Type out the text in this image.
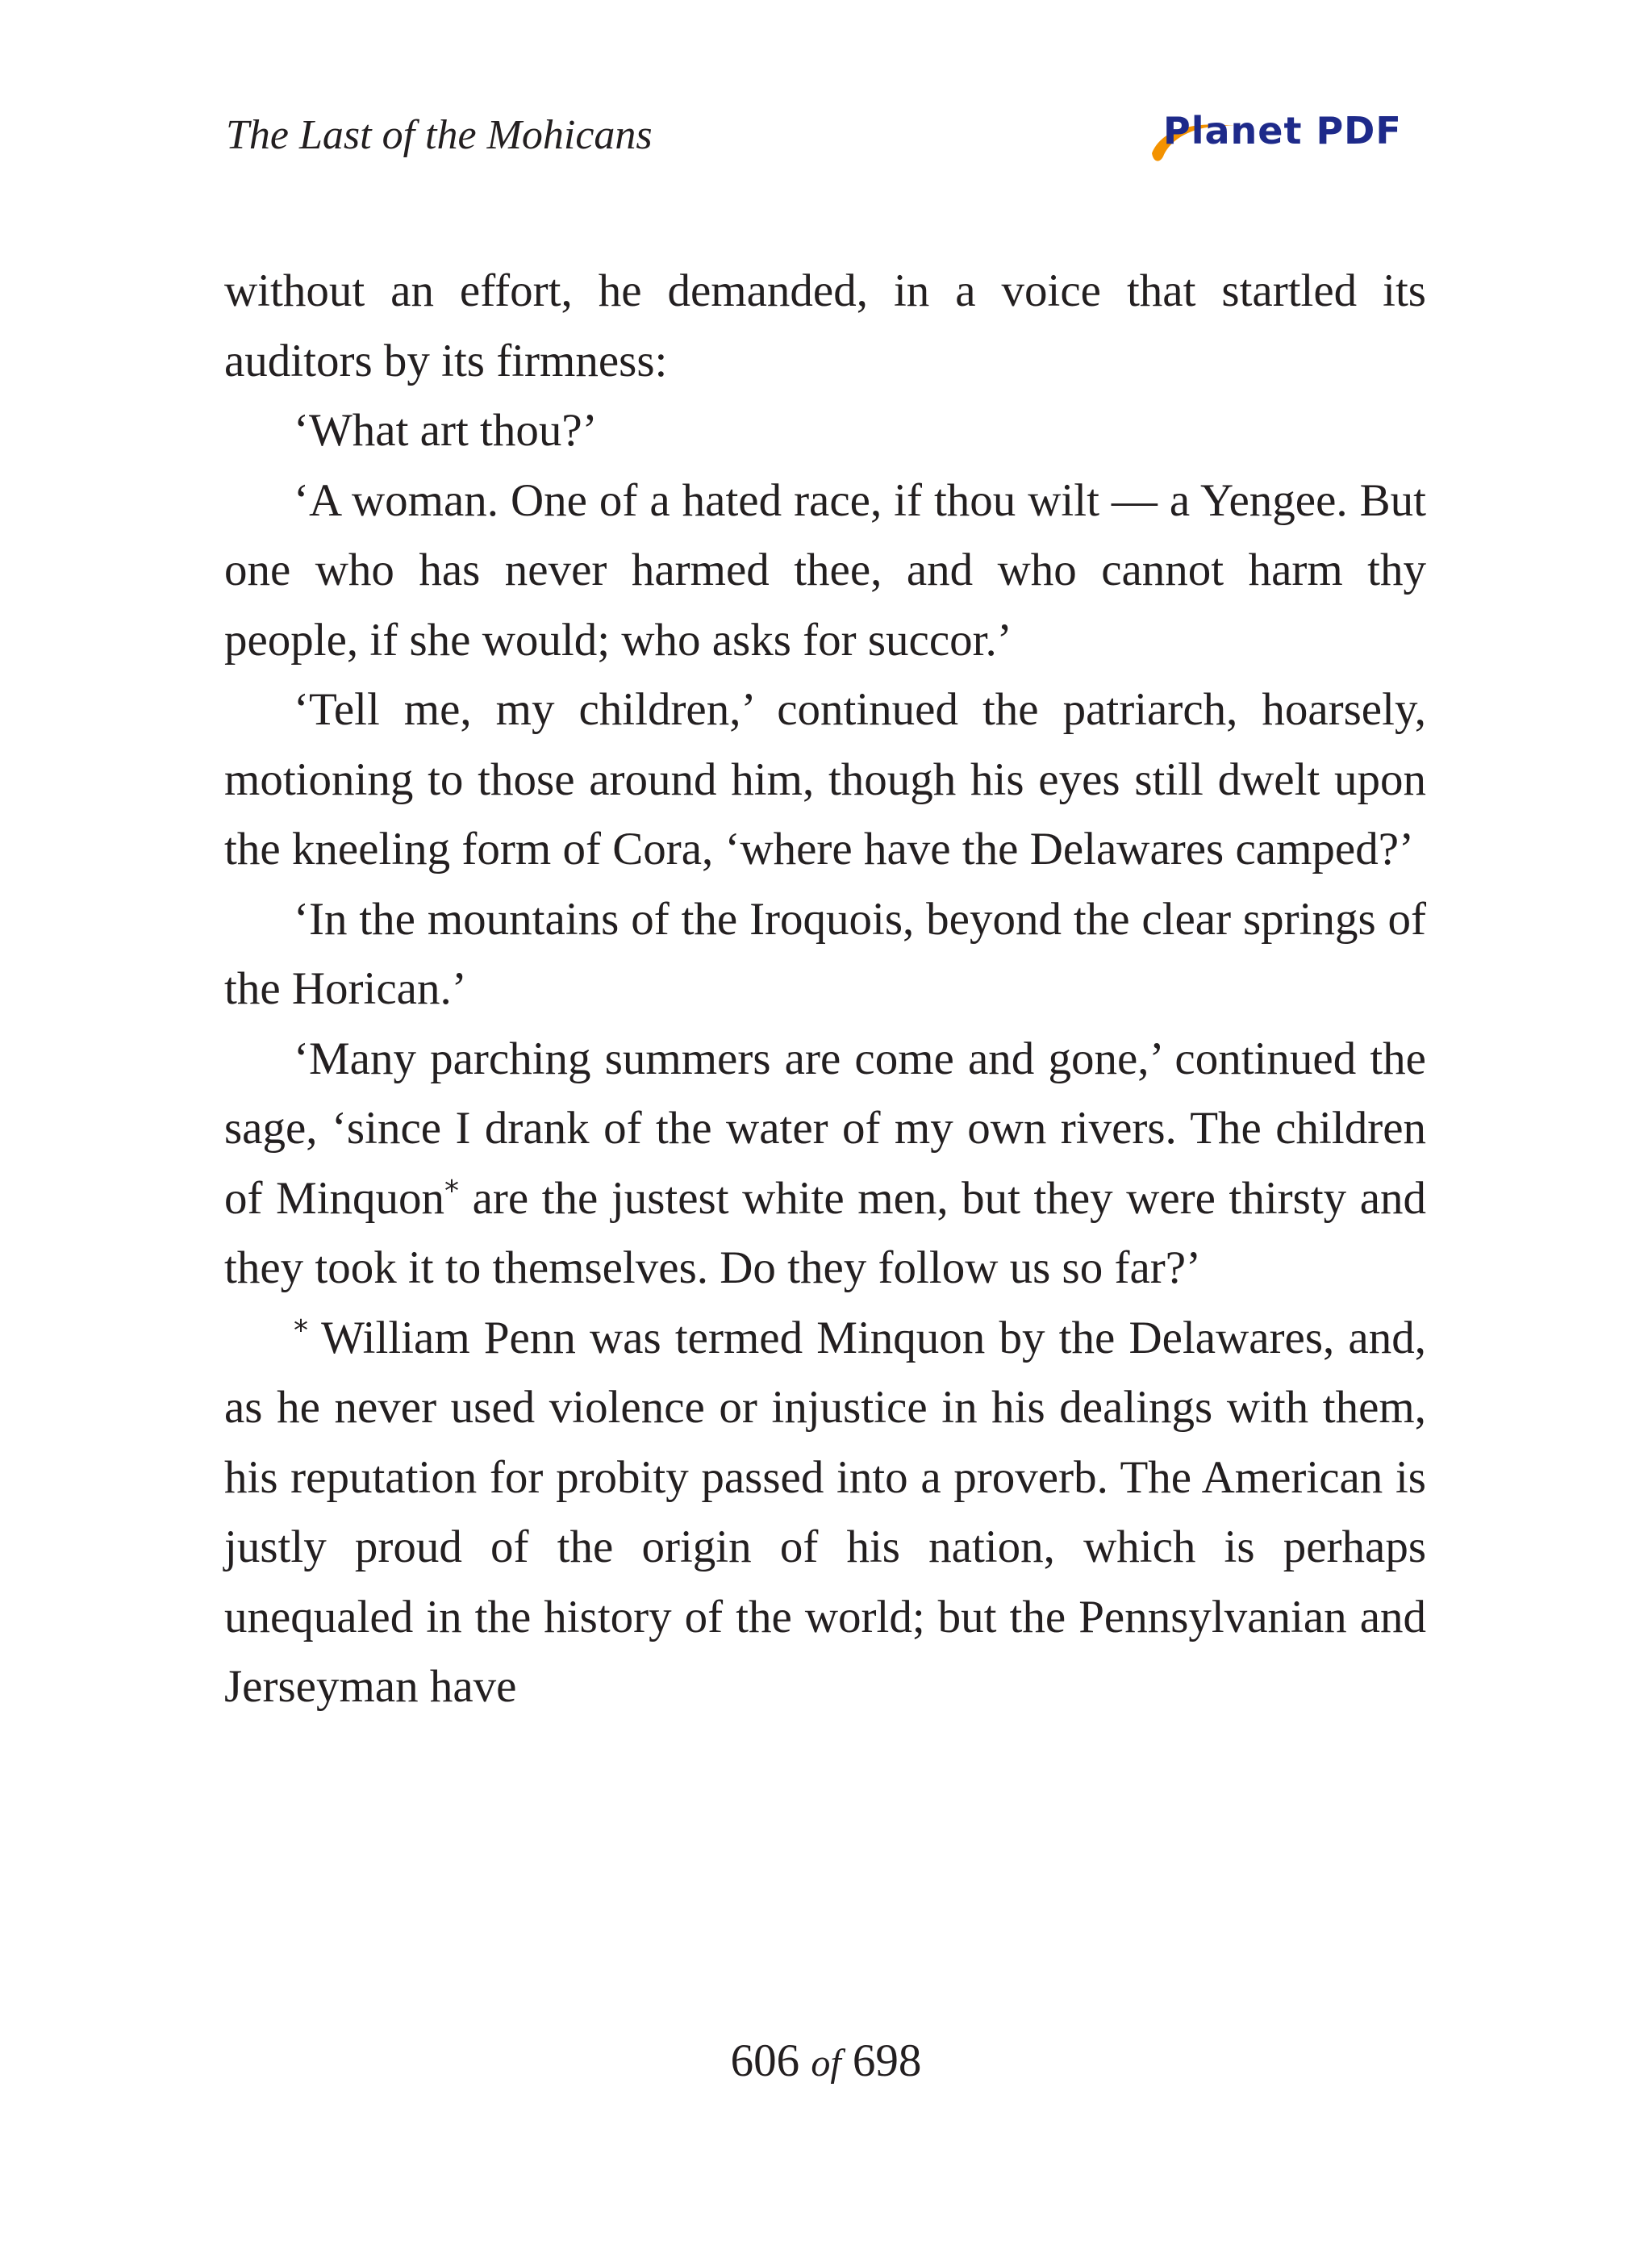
The Last of the Mohicans	Planet PDF

without an effort, he demanded, in a voice that startled its auditors by its firmness:

‘What art thou?’

‘A woman. One of a hated race, if thou wilt — a Yengee. But one who has never harmed thee, and who cannot harm thy people, if she would; who asks for succor.’

‘Tell me, my children,’ continued the patriarch, hoarsely, motioning to those around him, though his eyes still dwelt upon the kneeling form of Cora, ‘where have the Delawares camped?’

‘In the mountains of the Iroquois, beyond the clear springs of the Horican.’

‘Many parching summers are come and gone,’ continued the sage, ‘since I drank of the water of my own rivers. The children of Minquon* are the justest white men, but they were thirsty and they took it to themselves. Do they follow us so far?’

* William Penn was termed Minquon by the Delawares, and, as he never used violence or injustice in his dealings with them, his reputation for probity passed into a proverb. The American is justly proud of the origin of his nation, which is perhaps unequaled in the history of the world; but the Pennsylvanian and Jerseyman have

606 of 698
